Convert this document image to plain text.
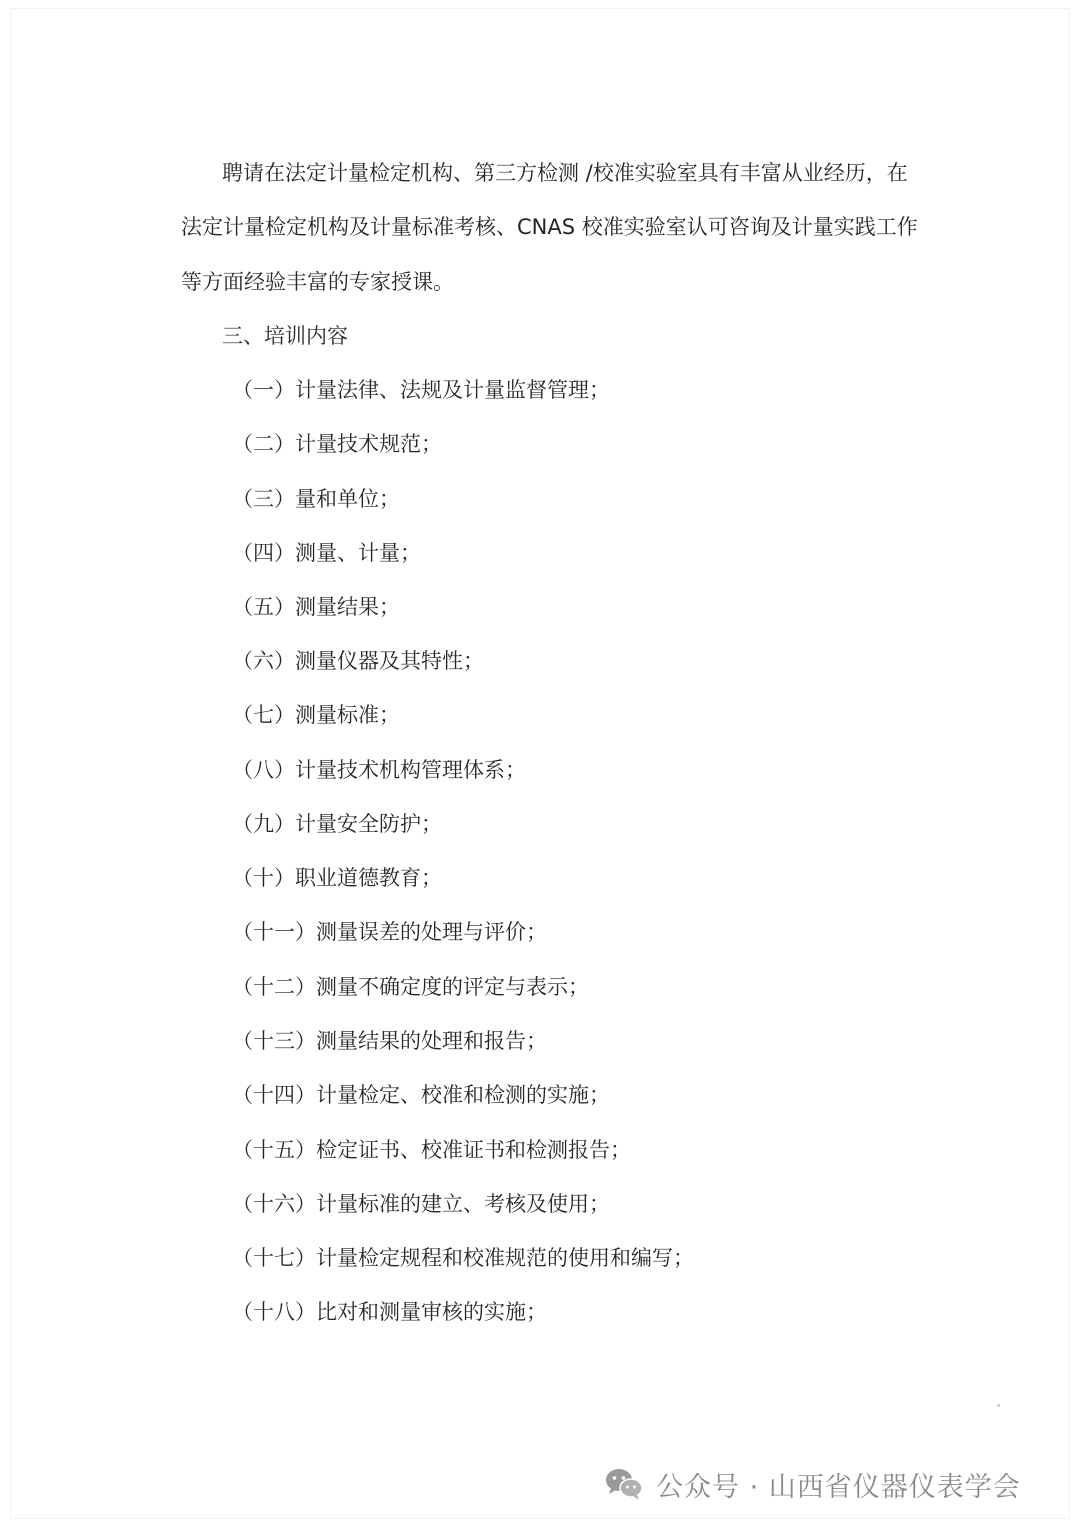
聘请在法定计量检定机构、第三方检测 /校准实验室具有丰富从业经历，在
法定计量检定机构及计量标准考核、CNAS 校准实验室认可咨询及计量实践工作
等方面经验丰富的专家授课。
三、培训内容
（一）计量法律、法规及计量监督管理；
（二）计量技术规范；
（三）量和单位；
（四）测量、计量；
（五）测量结果；
（六）测量仪器及其特性；
（七）测量标准；
（八）计量技术机构管理体系；
（九）计量安全防护；
（十）职业道德教育；
（十一）测量误差的处理与评价；
（十二）测量不确定度的评定与表示；
（十三）测量结果的处理和报告；
（十四）计量检定、校准和检测的实施；
（十五）检定证书、校准证书和检测报告；
（十六）计量标准的建立、考核及使用；
（十七）计量检定规程和校准规范的使用和编写；
（十八）比对和测量审核的实施；
公众号 · 山西省仪器仪表学会
